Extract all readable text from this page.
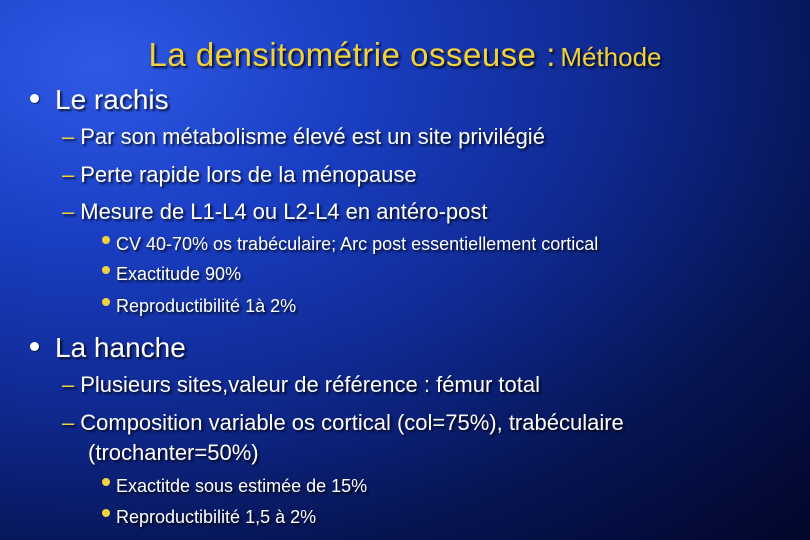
La densitométrie osseuse : Méthode
Le rachis
– Par son métabolisme élevé est un site privilégié
– Perte rapide lors de la ménopause
– Mesure de L1-L4 ou L2-L4 en antéro-post
CV 40-70% os trabéculaire; Arc post essentiellement cortical
Exactitude 90%
Reproductibilité 1à 2%
La hanche
– Plusieurs sites,valeur de référence : fémur total
– Composition variable os cortical (col=75%), trabéculaire
(trochanter=50%)
Exactitde sous estimée de 15%
Reproductibilité 1,5 à 2%
